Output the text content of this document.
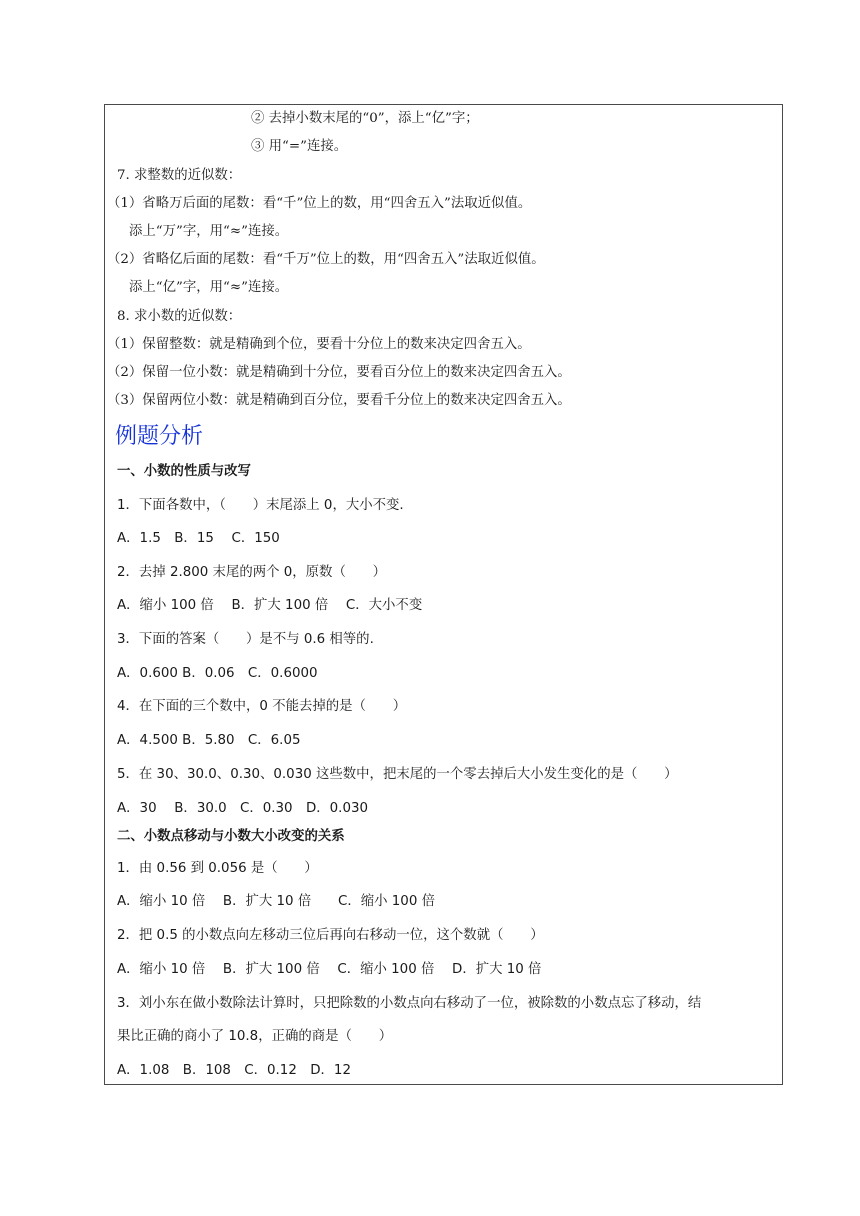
② 去掉小数末尾的“0”，添上“亿”字；
③ 用“=”连接。
7. 求整数的近似数：
（1）省略万后面的尾数：看“千”位上的数，用“四舍五入”法取近似值。
添上“万”字，用“≈”连接。
（2）省略亿后面的尾数：看“千万”位上的数，用“四舍五入”法取近似值。
添上“亿”字，用“≈”连接。
8. 求小数的近似数：
（1）保留整数：就是精确到个位，要看十分位上的数来决定四舍五入。
（2）保留一位小数：就是精确到十分位，要看百分位上的数来决定四舍五入。
（3）保留两位小数：就是精确到百分位，要看千分位上的数来决定四舍五入。
例题分析
一、小数的性质与改写
1．下面各数中，（　　）末尾添上 0，大小不变.
A．1.5　B．15　 C．150
2．去掉 2.800 末尾的两个 0，原数（　　）
A．缩小 100 倍　 B．扩大 100 倍　 C．大小不变
3．下面的答案（　　）是不与 0.6 相等的.
A．0.600 B．0.06　C．0.6000
4．在下面的三个数中，0 不能去掉的是（　　）
A．4.500 B．5.80　C．6.05
5．在 30、30.0、0.30、0.030 这些数中，把末尾的一个零去掉后大小发生变化的是（　　）
A．30　 B．30.0　C．0.30　D．0.030
二、小数点移动与小数大小改变的关系
1．由 0.56 到 0.056 是（　　）
A．缩小 10 倍　 B．扩大 10 倍　　C．缩小 100 倍
2．把 0.5 的小数点向左移动三位后再向右移动一位，这个数就（　　）
A．缩小 10 倍　 B．扩大 100 倍　 C．缩小 100 倍　 D．扩大 10 倍
3．刘小东在做小数除法计算时，只把除数的小数点向右移动了一位，被除数的小数点忘了移动，结
果比正确的商小了 10.8，正确的商是（　　）
A．1.08　B．108　C．0.12　D．12
